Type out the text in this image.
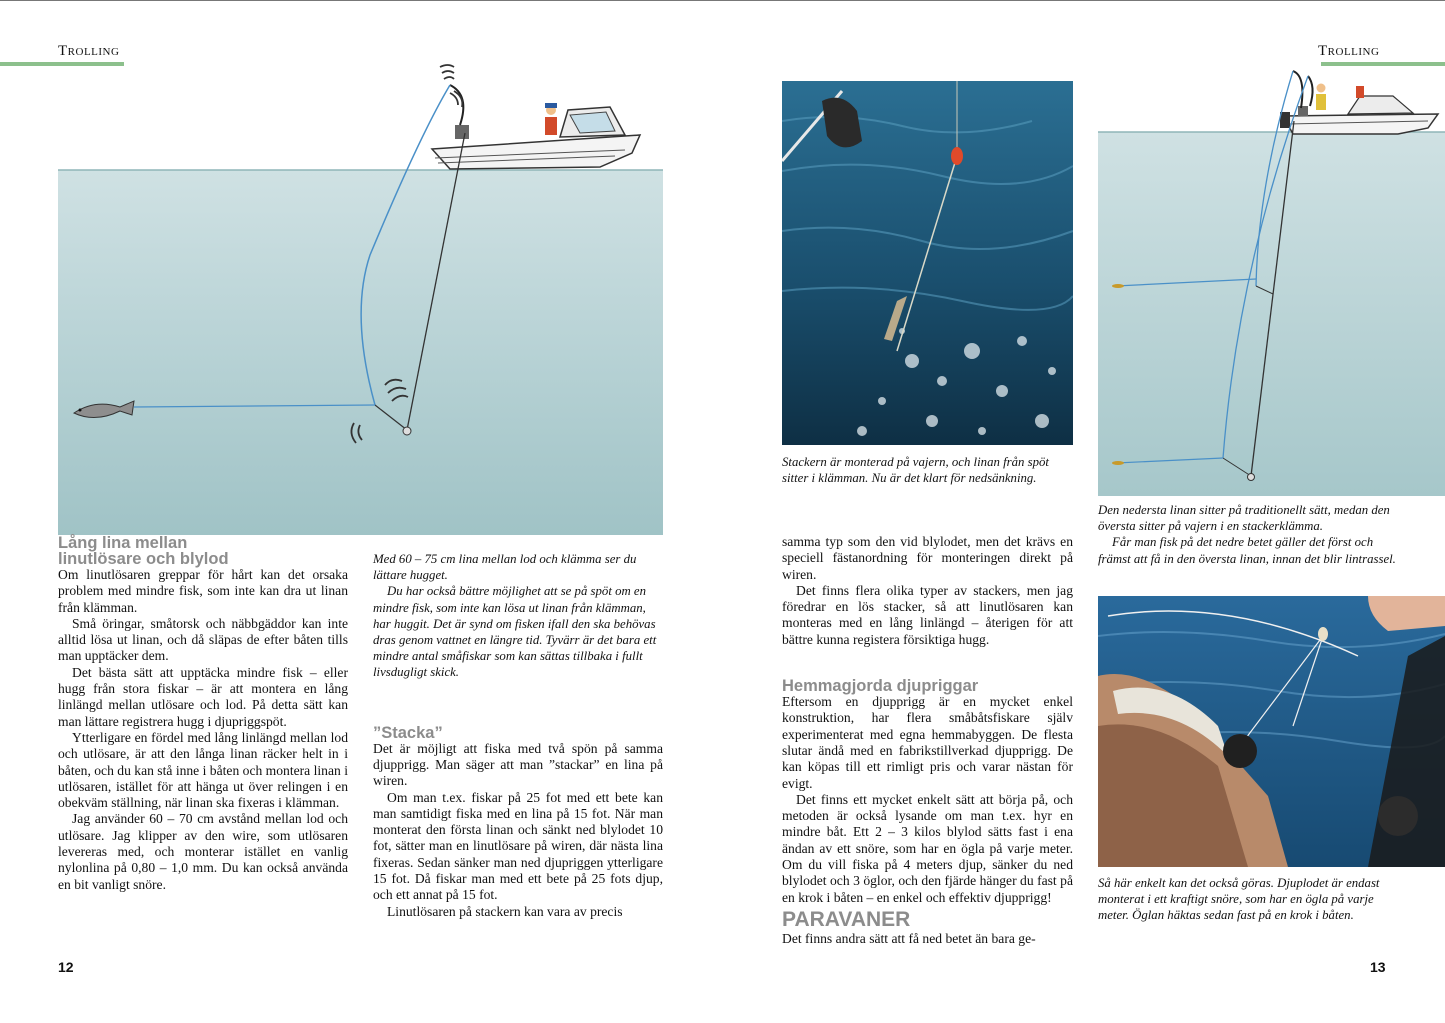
Trolling
Lång lina mellan
linutlösare och blylod

Om linutlösaren greppar för hårt kan det orsaka problem med mindre fisk, som inte kan dra ut linan från klämman.

Små öringar, småtorsk och näbbgäddor kan inte alltid lösa ut linan, och då släpas de efter båten tills man upptäcker dem.

Det bästa sätt att upptäcka mindre fisk – eller hugg från stora fiskar – är att montera en lång linlängd mellan utlösare och lod. På detta sätt kan man lättare registrera hugg i djupriggspöt.

Ytterligare en fördel med lång linlängd mellan lod och utlösare, är att den långa linan räcker helt in i båten, och du kan stå inne i båten och montera linan i utlösaren, istället för att hänga ut över relingen i en obekväm ställning, när linan ska fixeras i klämman.

Jag använder 60 – 70 cm avstånd mellan lod och utlösare. Jag klipper av den wire, som utlösaren levereras med, och monterar istället en vanlig nylonlina på 0,80 – 1,0 mm. Du kan också använda en bit vanligt snöre.

Med 60 – 75 cm lina mellan lod och klämma ser du lättare hugget.

Du har också bättre möjlighet att se på spöt om en mindre fisk, som inte kan lösa ut linan från klämman, har huggit. Det är synd om fisken ifall den ska behövas dras genom vattnet en längre tid. Tyvärr är det bara ett mindre antal småfiskar som kan sättas tillbaka i fullt livsdugligt skick.

”Stacka”

Det är möjligt att fiska med två spön på samma djupprigg. Man säger att man ”stackar” en lina på wiren.

Om man t.ex. fiskar på 25 fot med ett bete kan man samtidigt fiska med en lina på 15 fot. När man monterat den första linan och sänkt ned blylodet 10 fot, sätter man en linutlösare på wiren, där nästa lina fixeras. Sedan sänker man ned djupriggen ytterligare 15 fot. Då fiskar man med ett bete på 25 fots djup, och ett annat på 15 fot.

Linutlösaren på stackern kan vara av precis

12
Trolling

Stackern är monterad på vajern, och linan från spöt sitter i klämman. Nu är det klart för nedsänkning.

samma typ som den vid blylodet, men det krävs en speciell fästanordning för monteringen direkt på wiren.

Det finns flera olika typer av stackers, men jag föredrar en lös stacker, så att linutlösaren kan monteras med en lång linlängd – återigen för att bättre kunna registera försiktiga hugg.

Hemmagjorda djupriggar

Eftersom en djupprigg är en mycket enkel konstruktion, har flera småbåtsfiskare själv experimenterat med egna hemmabyggen. De flesta slutar ändå med en fabrikstillverkad djupprigg. De kan köpas till ett rimligt pris och varar nästan för evigt.

Det finns ett mycket enkelt sätt att börja på, och metoden är också lysande om man t.ex. hyr en mindre båt. Ett 2 – 3 kilos blylod sätts fast i ena ändan av ett snöre, som har en ögla på varje meter. Om du vill fiska på 4 meters djup, sänker du ned blylodet och 3 öglor, och den fjärde hänger du fast på en krok i båten – en enkel och effektiv djupprigg!

PARAVANER

Det finns andra sätt att få ned betet än bara ge-

Den nedersta linan sitter på traditionellt sätt, medan den översta sitter på vajern i en stackerklämma.

Får man fisk på det nedre betet gäller det först och främst att få in den översta linan, innan det blir lintrassel.

Så här enkelt kan det också göras. Djuplodet är endast monterat i ett kraftigt snöre, som har en ögla på varje meter. Öglan häktas sedan fast på en krok i båten.

13
